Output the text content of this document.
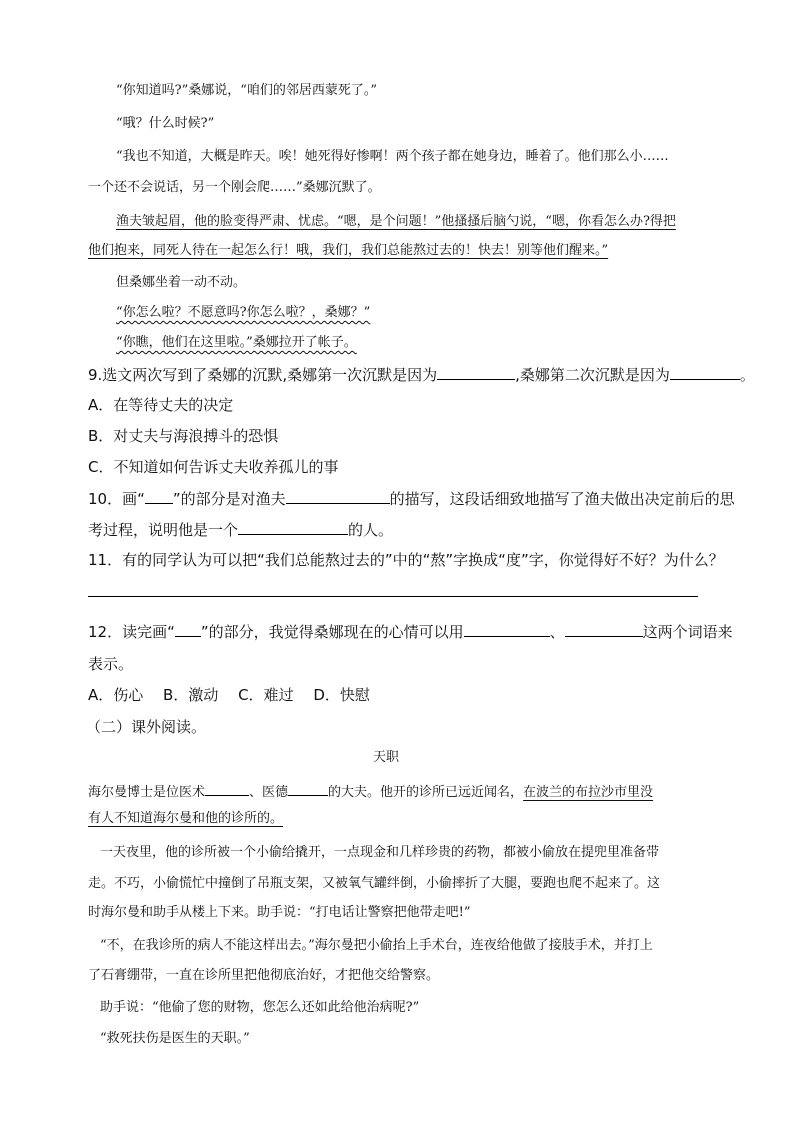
“你知道吗?”桑娜说，“咱们的邻居西蒙死了。”
“哦？什么时候?”
“我也不知道，大概是昨天。唉！她死得好惨啊！两个孩子都在她身边，睡着了。他们那么小……
一个还不会说话，另一个刚会爬……”桑娜沉默了。
渔夫皱起眉，他的脸变得严肃、忧虑。“嗯，是个问题！”他搔搔后脑勺说，“嗯，你看怎么办?得把
他们抱来，同死人待在一起怎么行！哦，我们，我们总能熬过去的！快去！别等他们醒来。”
但桑娜坐着一动不动。
“你怎么啦？不愿意吗?你怎么啦？，桑娜？”
“你瞧，他们在这里啦。”桑娜拉开了帐子。
9.选文两次写到了桑娜的沉默,桑娜第一次沉默是因为	,桑娜第二次沉默是因为	。
A．在等待丈夫的决定
B．对丈夫与海浪搏斗的恐惧
C．不知道如何告诉丈夫收养孤儿的事
10．画“ ”的部分是对渔夫	的描写，这段话细致地描写了渔夫做出决定前后的思
考过程，说明他是一个	的人。
11．有的同学认为可以把“我们总能熬过去的”中的“熬”字换成“度”字，你觉得好不好？为什么？
12．读完画“ ”的部分，我觉得桑娜现在的心情可以用	、	这两个词语来
表示。
A．伤心　 B．激动　 C．难过　 D．快慰
（二）课外阅读。
天职
海尔曼博士是位医术	、医德	的大夫。他开的诊所已远近闻名，在波兰的布拉沙市里没
有人不知道海尔曼和他的诊所的。
一天夜里，他的诊所被一个小偷给撬开，一点现金和几样珍贵的药物，都被小偷放在提兜里准备带
走。不巧，小偷慌忙中撞倒了吊瓶支架，又被氧气罐绊倒，小偷摔折了大腿，要跑也爬不起来了。这
时海尔曼和助手从楼上下来。助手说：“打电话让警察把他带走吧!”
“不，在我诊所的病人不能这样出去。”海尔曼把小偷抬上手术台，连夜给他做了接肢手术，并打上
了石膏绷带，一直在诊所里把他彻底治好，才把他交给警察。
助手说：“他偷了您的财物，您怎么还如此给他治病呢?”
“救死扶伤是医生的天职。”
